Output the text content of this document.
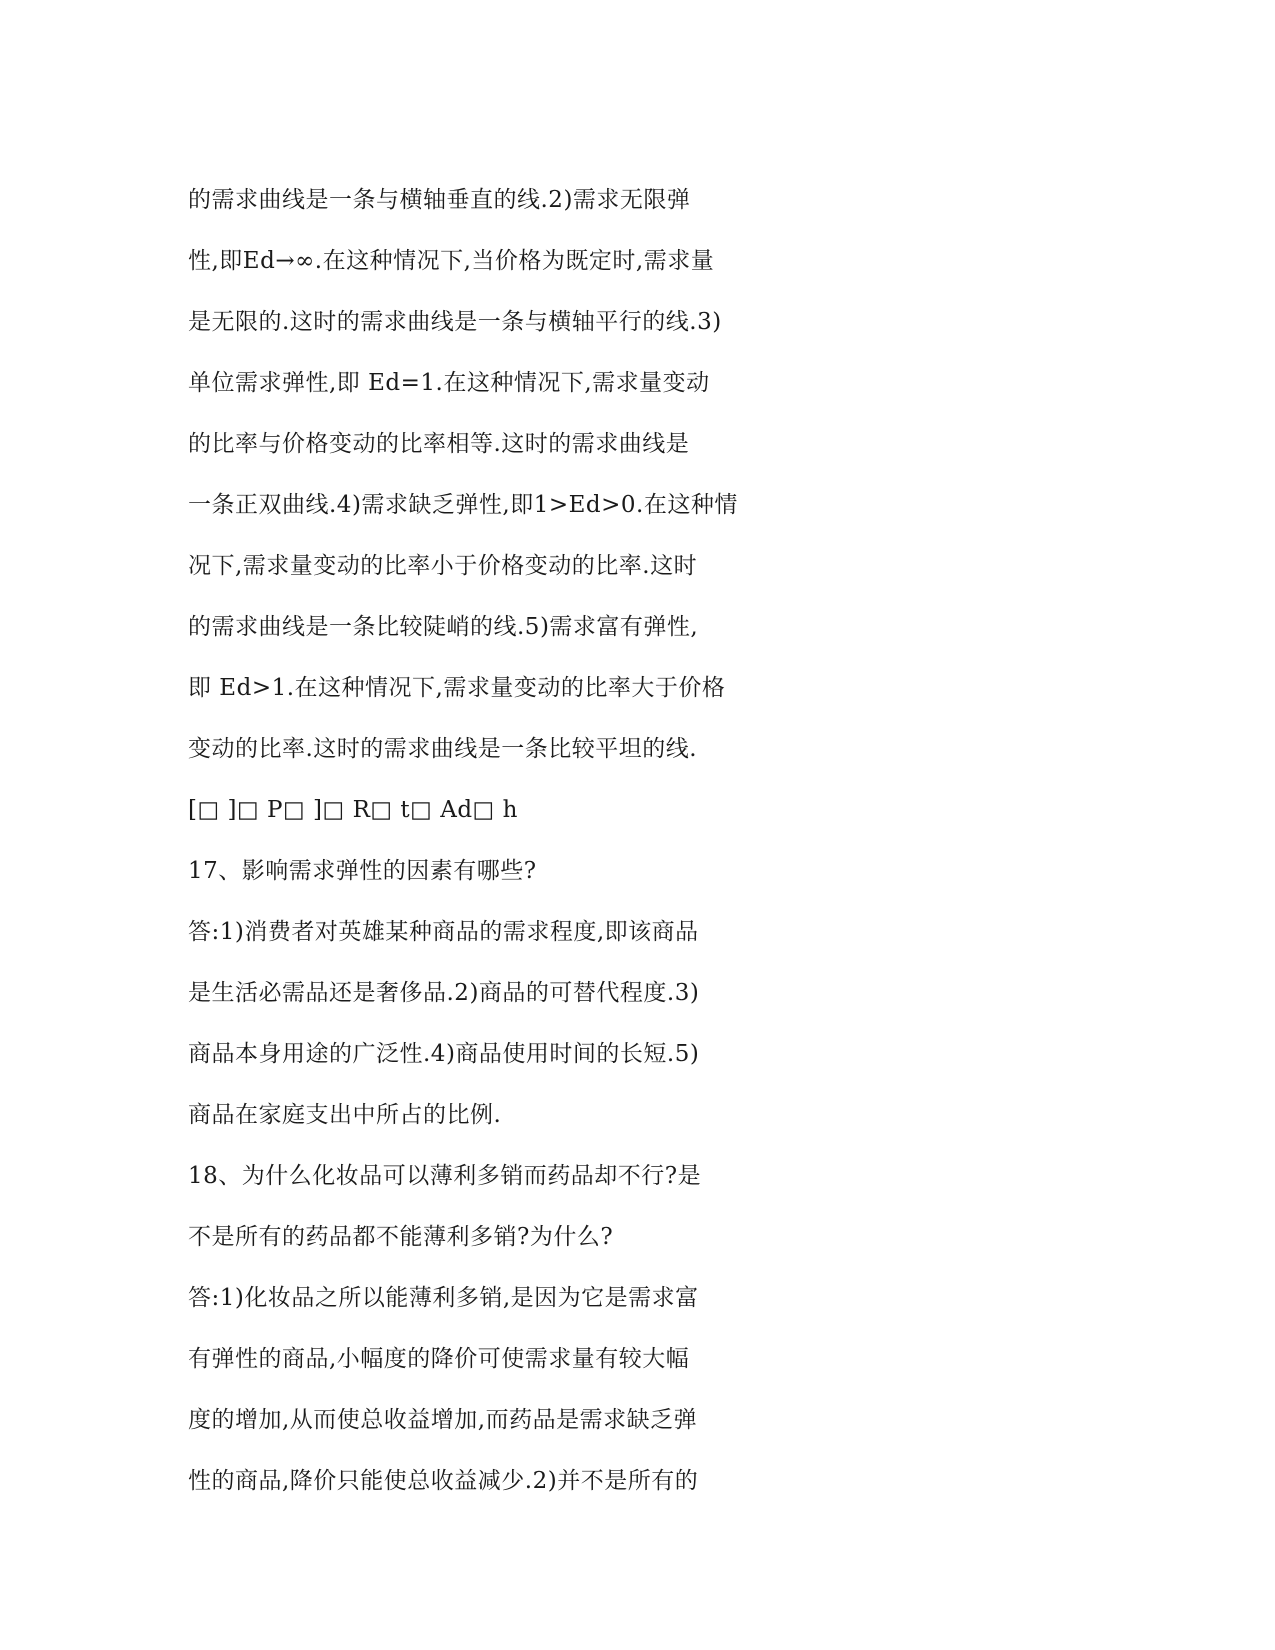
的需求曲线是一条与横轴垂直的线.2)需求无限弹
性,即Ed→∞.在这种情况下,当价格为既定时,需求量
是无限的.这时的需求曲线是一条与横轴平行的线.3)
单位需求弹性,即 Ed=1.在这种情况下,需求量变动
的比率与价格变动的比率相等.这时的需求曲线是
一条正双曲线.4)需求缺乏弹性,即1>Ed>0.在这种情
况下,需求量变动的比率小于价格变动的比率.这时
的需求曲线是一条比较陡峭的线.5)需求富有弹性,
即 Ed>1.在这种情况下,需求量变动的比率大于价格
变动的比率.这时的需求曲线是一条比较平坦的线.
[□ ]□ P□ ]□ R□ t□ Ad□ h
17、影响需求弹性的因素有哪些?
答:1)消费者对英雄某种商品的需求程度,即该商品
是生活必需品还是奢侈品.2)商品的可替代程度.3)
商品本身用途的广泛性.4)商品使用时间的长短.5)
商品在家庭支出中所占的比例.
18、为什么化妆品可以薄利多销而药品却不行?是
不是所有的药品都不能薄利多销?为什么?
答:1)化妆品之所以能薄利多销,是因为它是需求富
有弹性的商品,小幅度的降价可使需求量有较大幅
度的增加,从而使总收益增加,而药品是需求缺乏弹
性的商品,降价只能使总收益减少.2)并不是所有的
